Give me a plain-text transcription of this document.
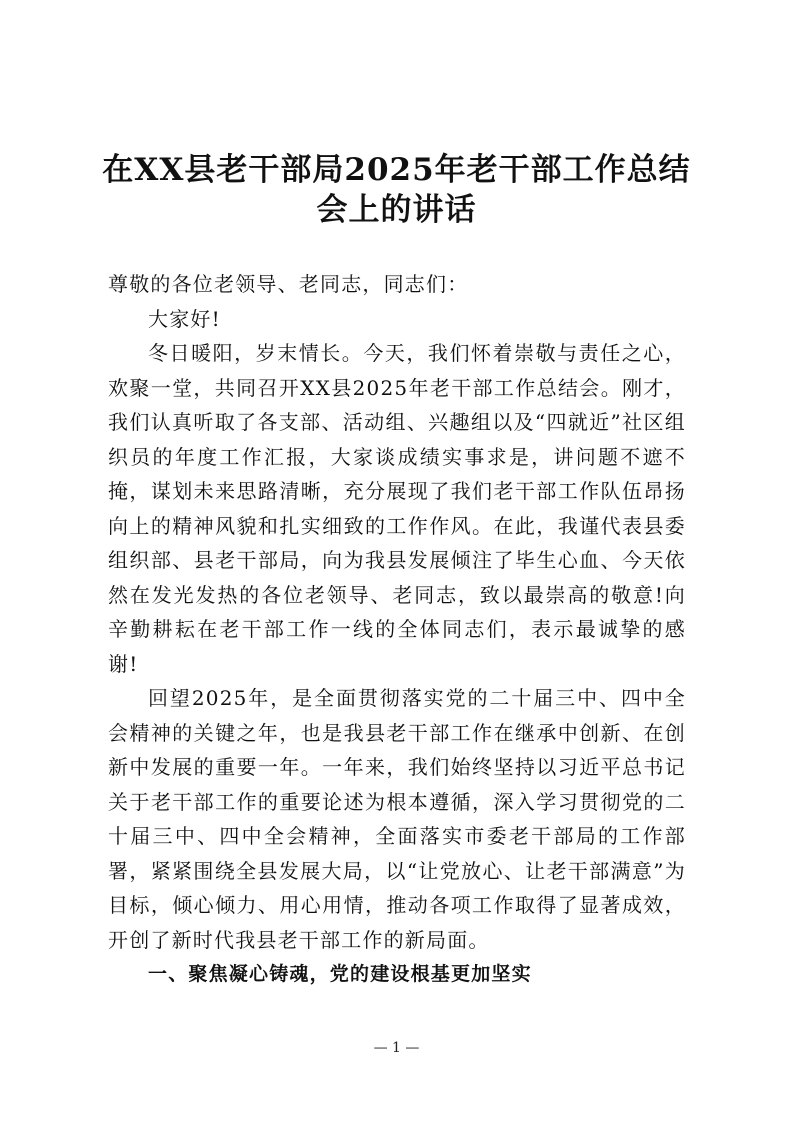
在XX县老干部局2025年老干部工作总结
会上的讲话

尊敬的各位老领导、老同志，同志们：

大家好!

冬日暖阳，岁末情长。今天，我们怀着崇敬与责任之心，欢聚一堂，共同召开XX县2025年老干部工作总结会。刚才，我们认真听取了各支部、活动组、兴趣组以及“四就近”社区组织员的年度工作汇报，大家谈成绩实事求是，讲问题不遮不掩，谋划未来思路清晰，充分展现了我们老干部工作队伍昂扬向上的精神风貌和扎实细致的工作作风。在此，我谨代表县委组织部、县老干部局，向为我县发展倾注了毕生心血、今天依然在发光发热的各位老领导、老同志，致以最崇高的敬意!向辛勤耕耘在老干部工作一线的全体同志们，表示最诚挚的感谢!

回望2025年，是全面贯彻落实党的二十届三中、四中全会精神的关键之年，也是我县老干部工作在继承中创新、在创新中发展的重要一年。一年来，我们始终坚持以习近平总书记关于老干部工作的重要论述为根本遵循，深入学习贯彻党的二十届三中、四中全会精神，全面落实市委老干部局的工作部署，紧紧围绕全县发展大局，以“让党放心、让老干部满意”为目标，倾心倾力、用心用情，推动各项工作取得了显著成效，开创了新时代我县老干部工作的新局面。

一、聚焦凝心铸魂，党的建设根基更加坚实

— 1 —
